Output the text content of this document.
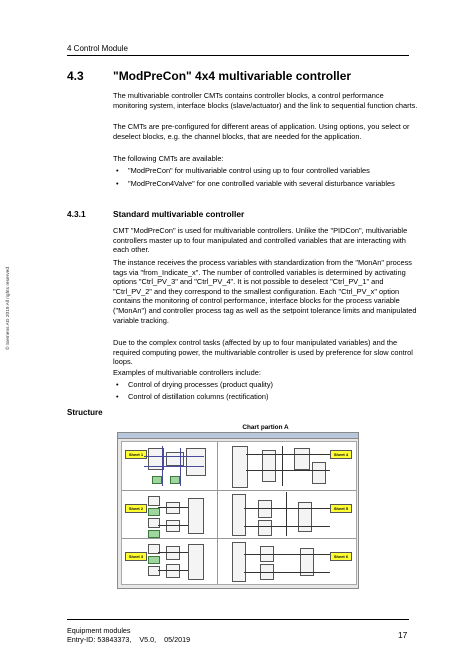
4 Control Module
© Siemens AG 2019 All rights reserved
4.3 "ModPreCon" 4x4 multivariable controller
The multivariable controller CMTs contains controller blocks, a control performance monitoring system, interface blocks (slave/actuator) and the link to sequential function charts.
The CMTs are pre-configured for different areas of application. Using options, you select or deselect blocks, e.g. the channel blocks, that are needed for the application.
The following CMTs are available:
• "ModPreCon" for multivariable control using up to four controlled variables
• "ModPreCon4Valve" for one controlled variable with several disturbance variables
4.3.1	Standard multivariable controller
CMT "ModPreCon" is used for multivariable controllers. Unlike the "PIDCon", multivariable controllers master up to four manipulated and controlled variables that are interacting with each other.
The instance receives the process variables with standardization from the "MonAn" process tags via "from_Indicate_x". The number of controlled variables is determined by activating options "Ctrl_PV_3" and "Ctrl_PV_4". It is not possible to deselect "Ctrl_PV_1" and "Ctrl_PV_2" and they correspond to the smallest configuration. Each "Ctrl_PV_x" option contains the monitoring of control performance, interface blocks for the process variable ("MonAn") and controller process tag as well as the setpoint tolerance limits and manipulated variable tracking.
Due to the complex control tasks (affected by up to four manipulated variables) and the required computing power, the multivariable controller is used by preference for slow control loops.
Examples of multivariable controllers include:
• Control of drying processes (product quality)
• Control of distillation columns (rectification)
Structure
Chart partion A
Sheet 1	Sheet 4
Sheet 2	Sheet 5
Sheet 3	Sheet 6
Equipment modules
Entry-ID: 53843373,    V5.0,    05/2019	17
